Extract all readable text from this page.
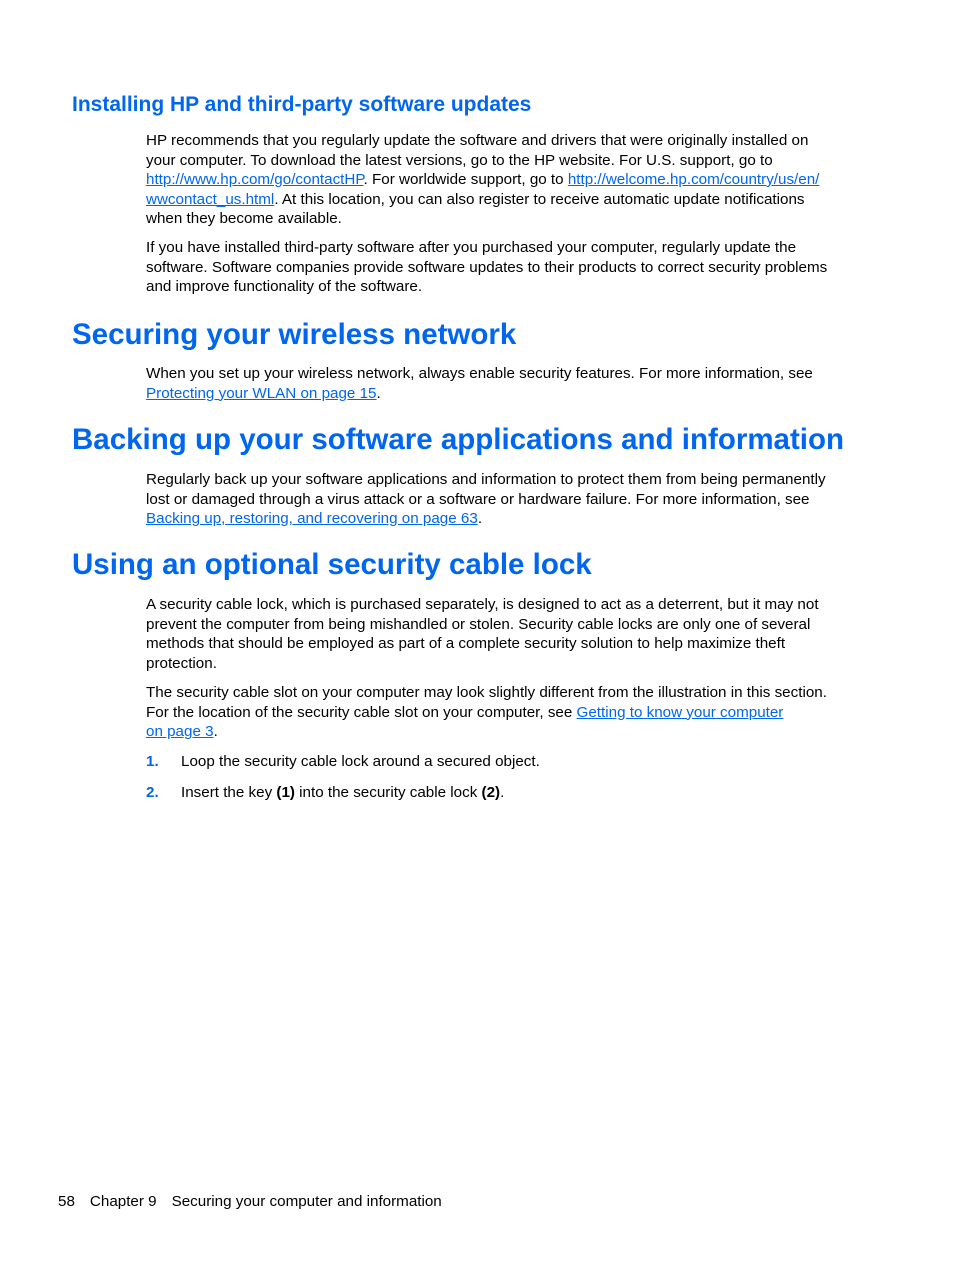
Installing HP and third-party software updates
HP recommends that you regularly update the software and drivers that were originally installed on
your computer. To download the latest versions, go to the HP website. For U.S. support, go to
http://www.hp.com/go/contactHP. For worldwide support, go to http://welcome.hp.com/country/us/en/
wwcontact_us.html. At this location, you can also register to receive automatic update notifications
when they become available.
If you have installed third-party software after you purchased your computer, regularly update the
software. Software companies provide software updates to their products to correct security problems
and improve functionality of the software.
Securing your wireless network
When you set up your wireless network, always enable security features. For more information, see
Protecting your WLAN on page 15.
Backing up your software applications and information
Regularly back up your software applications and information to protect them from being permanently
lost or damaged through a virus attack or a software or hardware failure. For more information, see
Backing up, restoring, and recovering on page 63.
Using an optional security cable lock
A security cable lock, which is purchased separately, is designed to act as a deterrent, but it may not
prevent the computer from being mishandled or stolen. Security cable locks are only one of several
methods that should be employed as part of a complete security solution to help maximize theft
protection.
The security cable slot on your computer may look slightly different from the illustration in this section.
For the location of the security cable slot on your computer, see Getting to know your computer
on page 3.
1. Loop the security cable lock around a secured object.
2. Insert the key (1) into the security cable lock (2).
58 Chapter 9 Securing your computer and information
